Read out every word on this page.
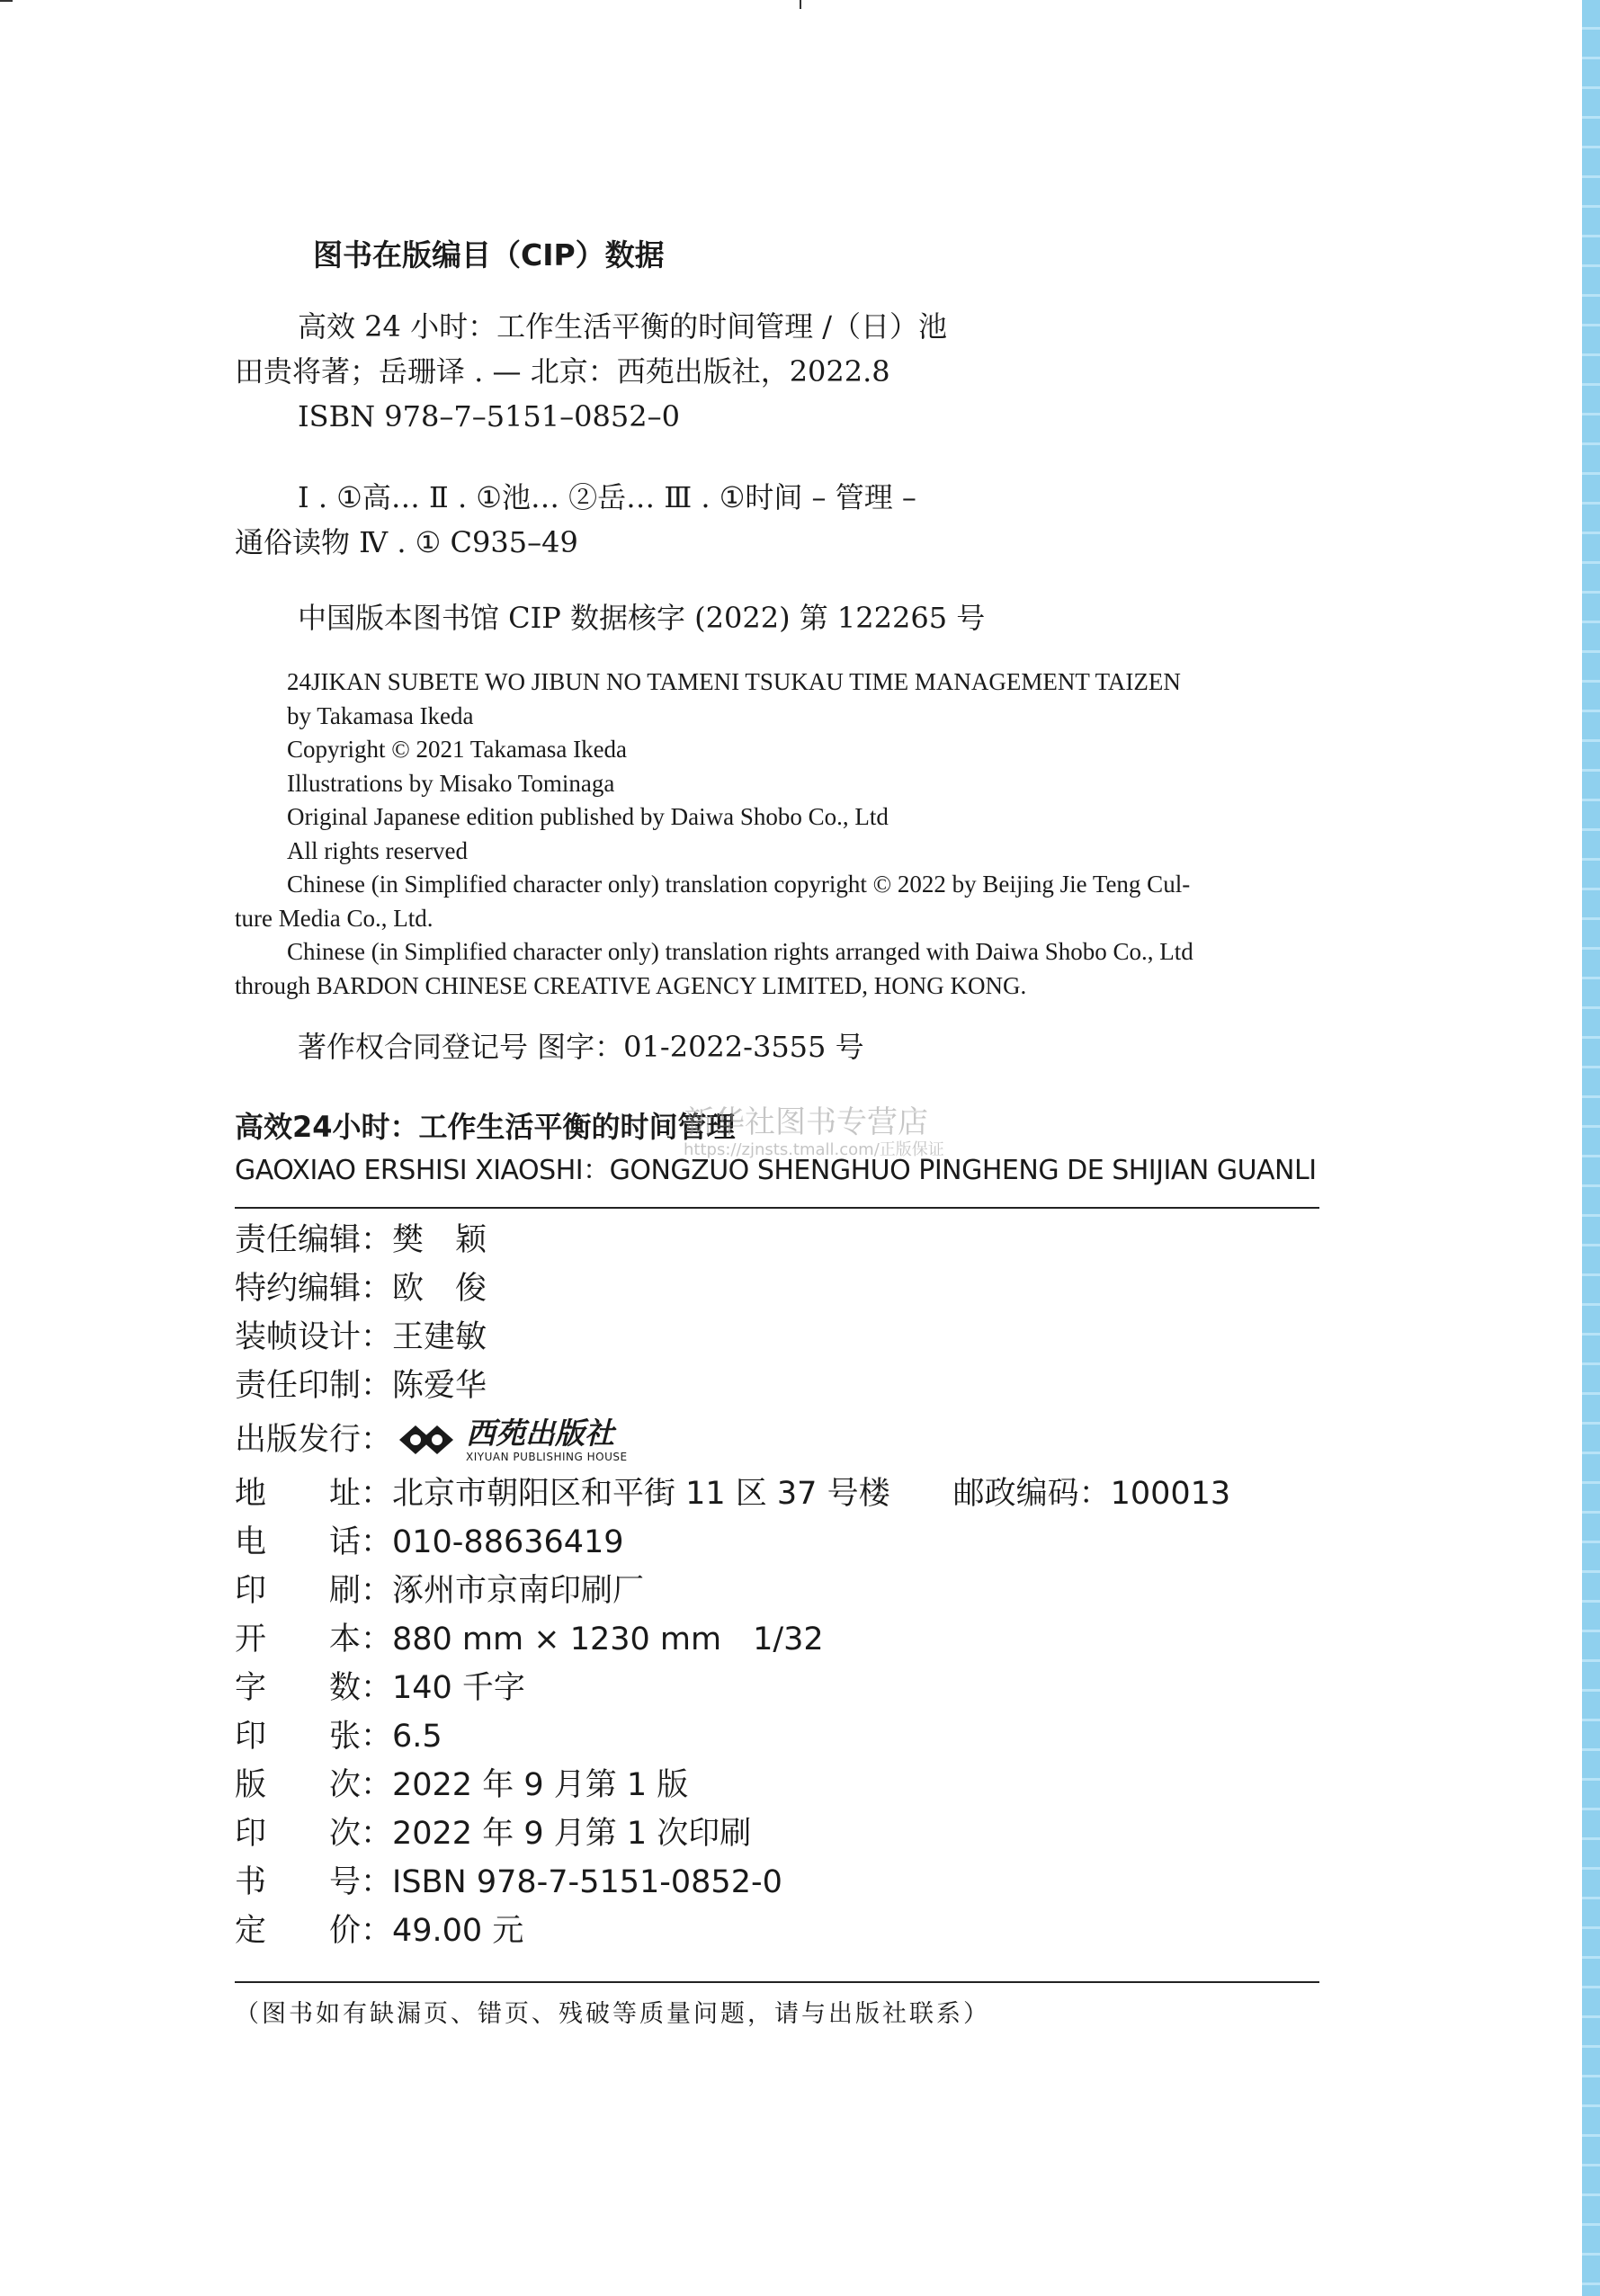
图书在版编目（CIP）数据
高效 24 小时：工作生活平衡的时间管理 /（日）池
田贵将著；岳珊译 . — 北京：西苑出版社，2022.8
ISBN 978–7–5151–0852–0
Ⅰ . ①高… Ⅱ . ①池… ②岳… Ⅲ . ①时间 – 管理 –
通俗读物 Ⅳ . ① C935–49
中国版本图书馆 CIP 数据核字 (2022) 第 122265 号
24JIKAN SUBETE WO JIBUN NO TAMENI TSUKAU TIME MANAGEMENT TAIZEN
by Takamasa Ikeda
Copyright © 2021 Takamasa Ikeda
Illustrations by Misako Tominaga
Original Japanese edition published by Daiwa Shobo Co., Ltd
All rights reserved
Chinese (in Simplified character only) translation copyright © 2022 by Beijing Jie Teng Cul-
ture Media Co., Ltd.
Chinese (in Simplified character only) translation rights arranged with Daiwa Shobo Co., Ltd
through BARDON CHINESE CREATIVE AGENCY LIMITED, HONG KONG.
著作权合同登记号 图字：01-2022-3555 号
高效24小时：工作生活平衡的时间管理
GAOXIAO ERSHISI XIAOSHI：GONGZUO SHENGHUO PINGHENG DE SHIJIAN GUANLI
新华社图书专营店
https://zjnsts.tmall.com/正版保证
责任编辑： 樊　颖
特约编辑： 欧　俊
装帧设计： 王建敏
责任印制： 陈爱华
出版发行： 西苑出版社
XIYUAN PUBLISHING HOUSE
地 址： 北京市朝阳区和平街 11 区 37 号楼 邮政编码： 100013
电 话： 010-88636419
印 刷： 涿州市京南印刷厂
开 本： 880 mm × 1230 mm　1/32
字 数： 140 千字
印 张： 6.5
版 次： 2022 年 9 月第 1 版
印 次： 2022 年 9 月第 1 次印刷
书 号： ISBN 978-7-5151-0852-0
定 价： 49.00 元
（图书如有缺漏页、错页、残破等质量问题，请与出版社联系）
